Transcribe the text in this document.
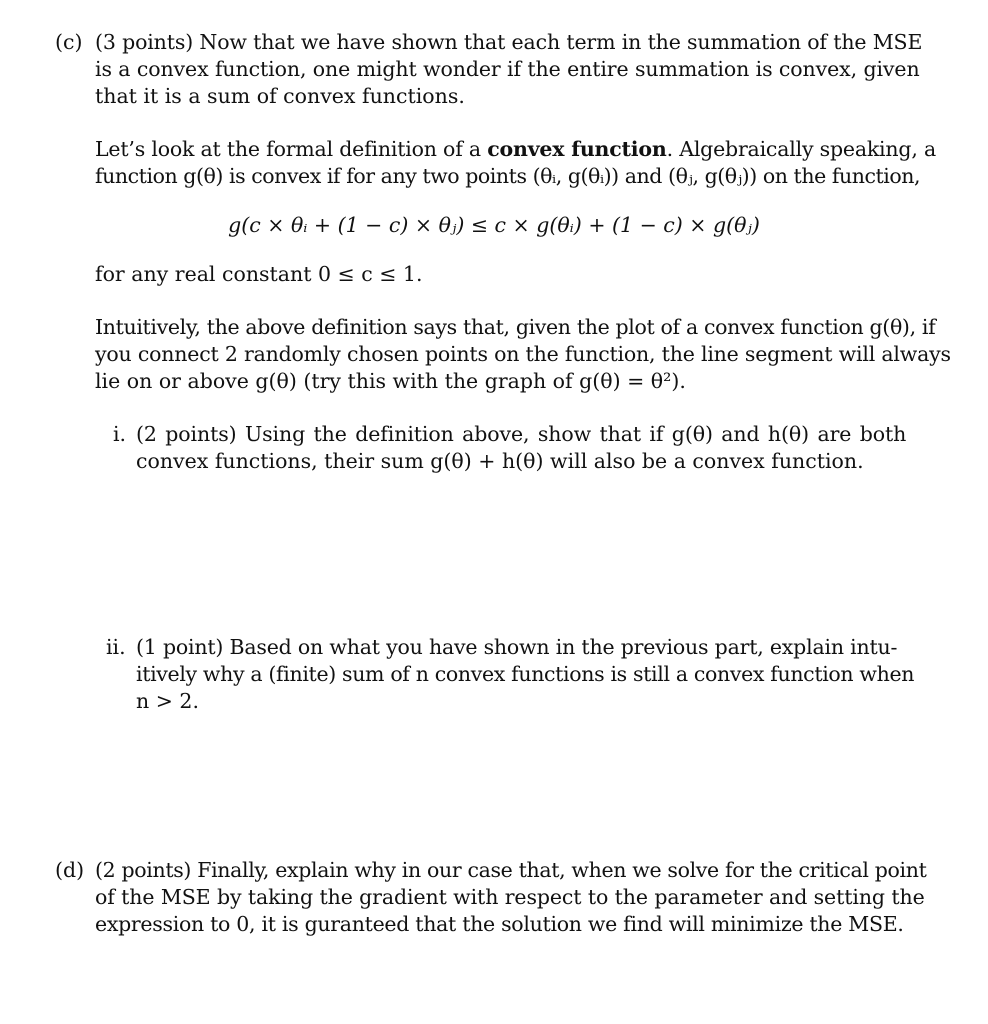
(c) (3 points) Now that we have shown that each term in the summation of the MSE
is a convex function, one might wonder if the entire summation is convex, given
that it is a sum of convex functions.
Let’s look at the formal definition of a convex function. Algebraically speaking, a
function g(θ) is convex if for any two points (θᵢ, g(θᵢ)) and (θⱼ, g(θⱼ)) on the function,
g(c × θᵢ + (1 − c) × θⱼ) ≤ c × g(θᵢ) + (1 − c) × g(θⱼ)
for any real constant 0 ≤ c ≤ 1.
Intuitively, the above definition says that, given the plot of a convex function g(θ), if
you connect 2 randomly chosen points on the function, the line segment will always
lie on or above g(θ) (try this with the graph of g(θ) = θ²).
i. (2 points) Using the definition above, show that if g(θ) and h(θ) are both
convex functions, their sum g(θ) + h(θ) will also be a convex function.
ii. (1 point) Based on what you have shown in the previous part, explain intu-
itively why a (finite) sum of n convex functions is still a convex function when
n > 2.
(d) (2 points) Finally, explain why in our case that, when we solve for the critical point
of the MSE by taking the gradient with respect to the parameter and setting the
expression to 0, it is guranteed that the solution we find will minimize the MSE.
